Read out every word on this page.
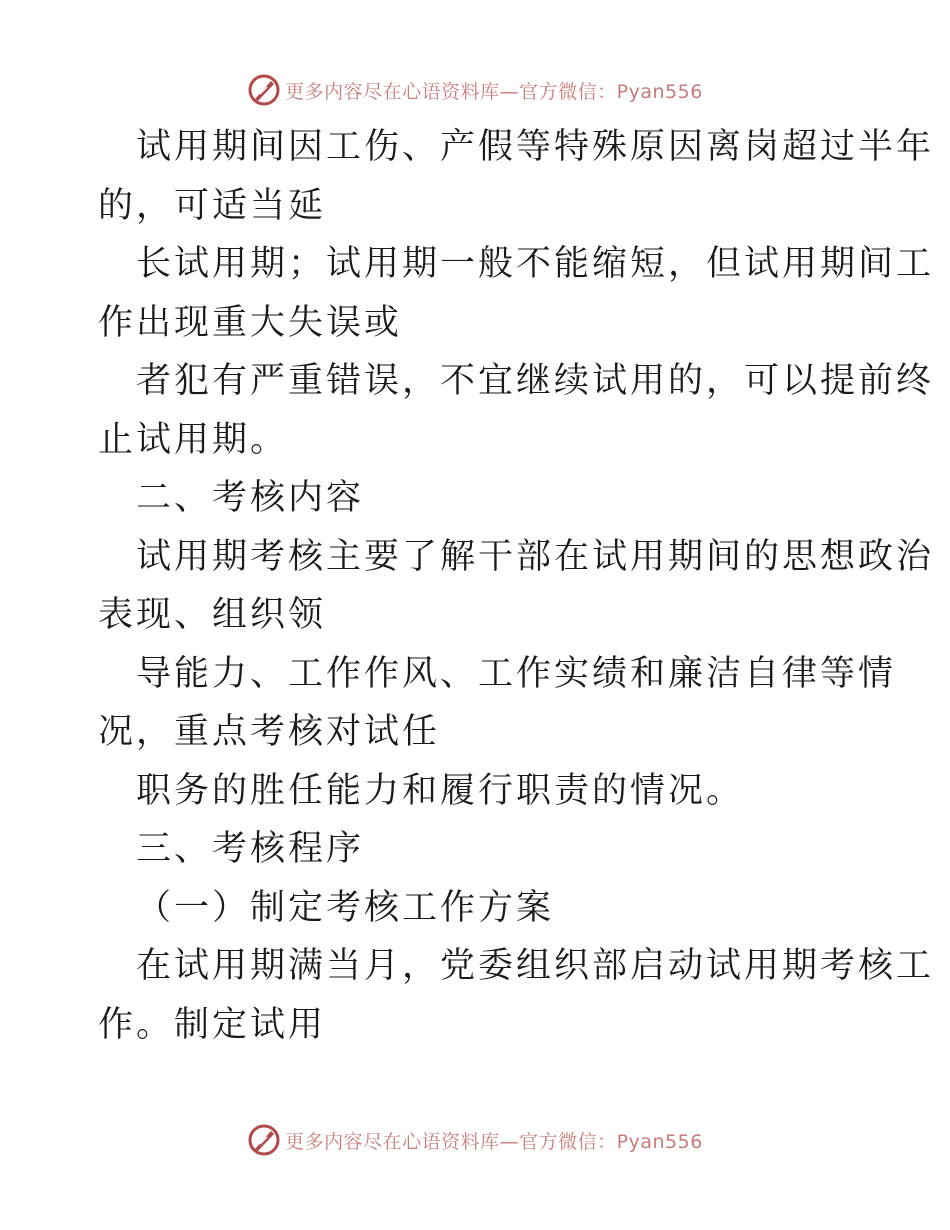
更多内容尽在心语资料库—官方微信：Pyan556
试用期间因工伤、产假等特殊原因离岗超过半年
的，可适当延
长试用期；试用期一般不能缩短，但试用期间工
作出现重大失误或
者犯有严重错误，不宜继续试用的，可以提前终
止试用期。
二、考核内容
试用期考核主要了解干部在试用期间的思想政治
表现、组织领
导能力、工作作风、工作实绩和廉洁自律等情
况，重点考核对试任
职务的胜任能力和履行职责的情况。
三、考核程序
（一）制定考核工作方案
在试用期满当月，党委组织部启动试用期考核工
作。制定试用
更多内容尽在心语资料库—官方微信：Pyan556
